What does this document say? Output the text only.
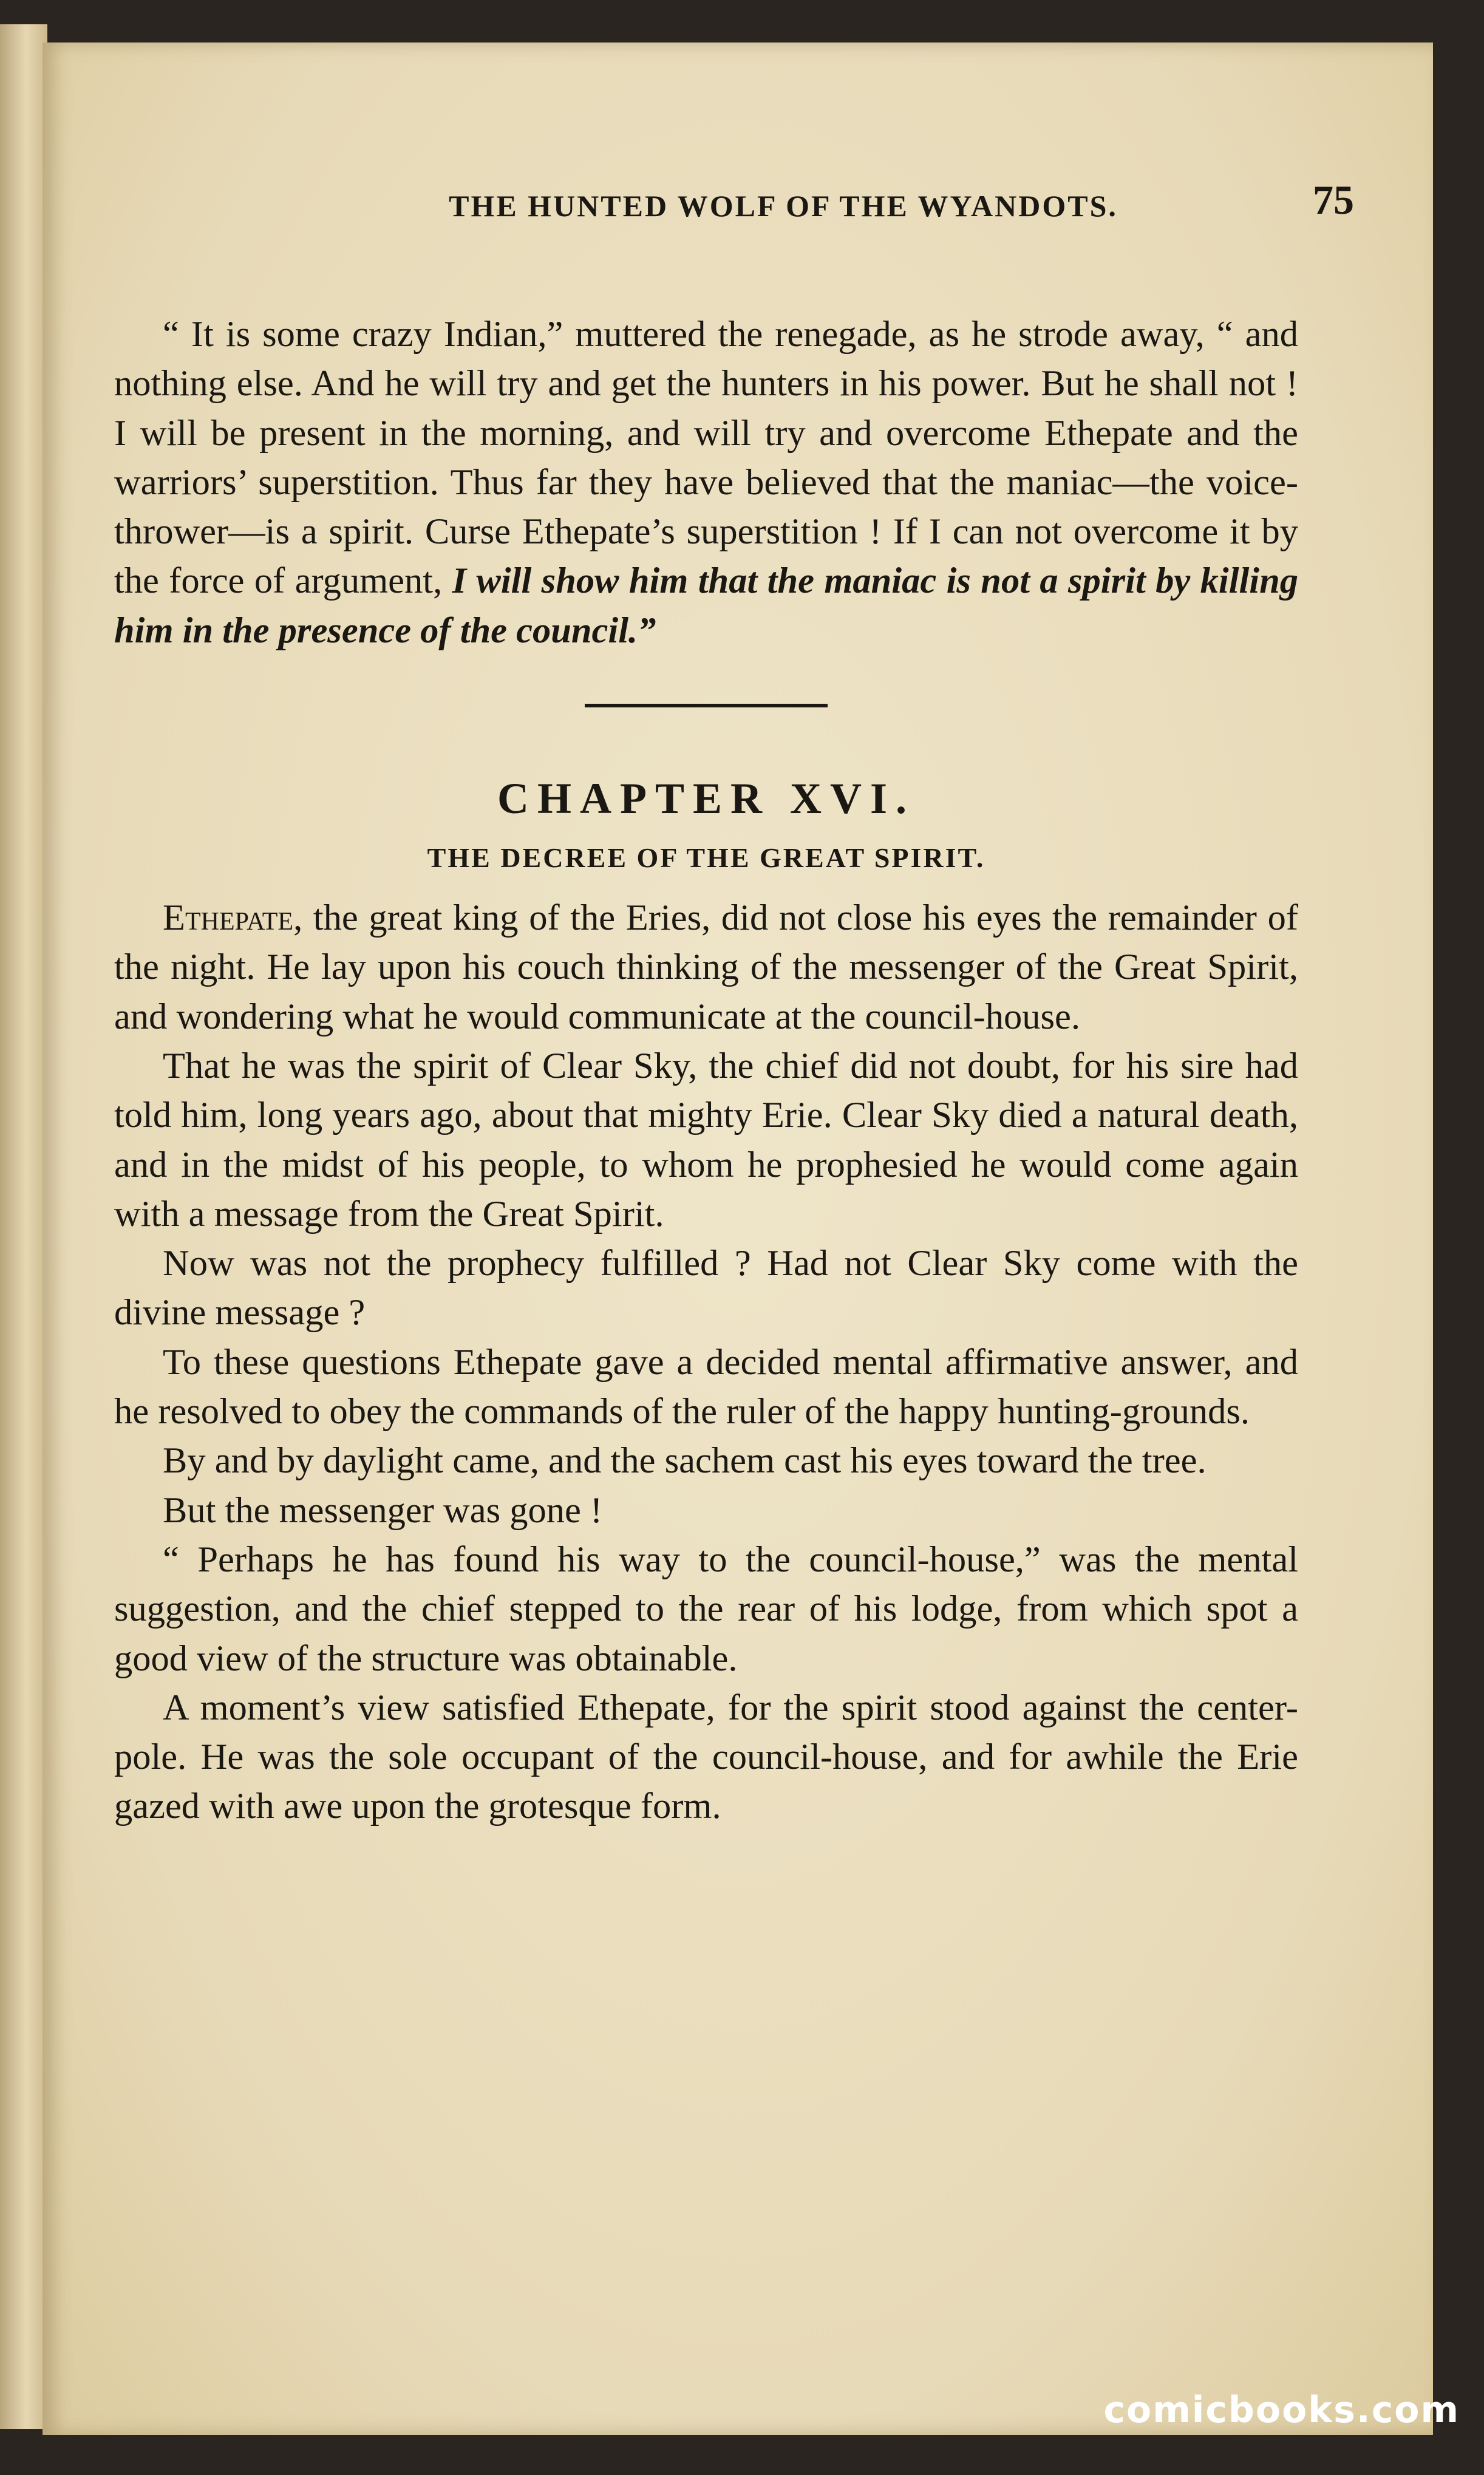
THE HUNTED WOLF OF THE WYANDOTS.	75

“ It is some crazy Indian,” muttered the renegade, as he strode away, “ and nothing else. And he will try and get the hunters in his power. But he shall not ! I will be present in the morning, and will try and overcome Ethepate and the warriors’ superstition. Thus far they have believed that the maniac—the voice-thrower—is a spirit. Curse Ethepate’s superstition ! If I can not overcome it by the force of argument, I will show him that the maniac is not a spirit by killing him in the presence of the council.”

CHAPTER XVI.
THE DECREE OF THE GREAT SPIRIT.

Ethepate, the great king of the Eries, did not close his eyes the remainder of the night. He lay upon his couch thinking of the messenger of the Great Spirit, and wondering what he would communicate at the council-house.

That he was the spirit of Clear Sky, the chief did not doubt, for his sire had told him, long years ago, about that mighty Erie. Clear Sky died a natural death, and in the midst of his people, to whom he prophesied he would come again with a message from the Great Spirit.

Now was not the prophecy fulfilled ? Had not Clear Sky come with the divine message ?

To these questions Ethepate gave a decided mental affirmative answer, and he resolved to obey the commands of the ruler of the happy hunting-grounds.

By and by daylight came, and the sachem cast his eyes toward the tree.

But the messenger was gone !

“ Perhaps he has found his way to the council-house,” was the mental suggestion, and the chief stepped to the rear of his lodge, from which spot a good view of the structure was obtainable.

A moment’s view satisfied Ethepate, for the spirit stood against the center-pole. He was the sole occupant of the council-house, and for awhile the Erie gazed with awe upon the grotesque form.

comicbooks.com
